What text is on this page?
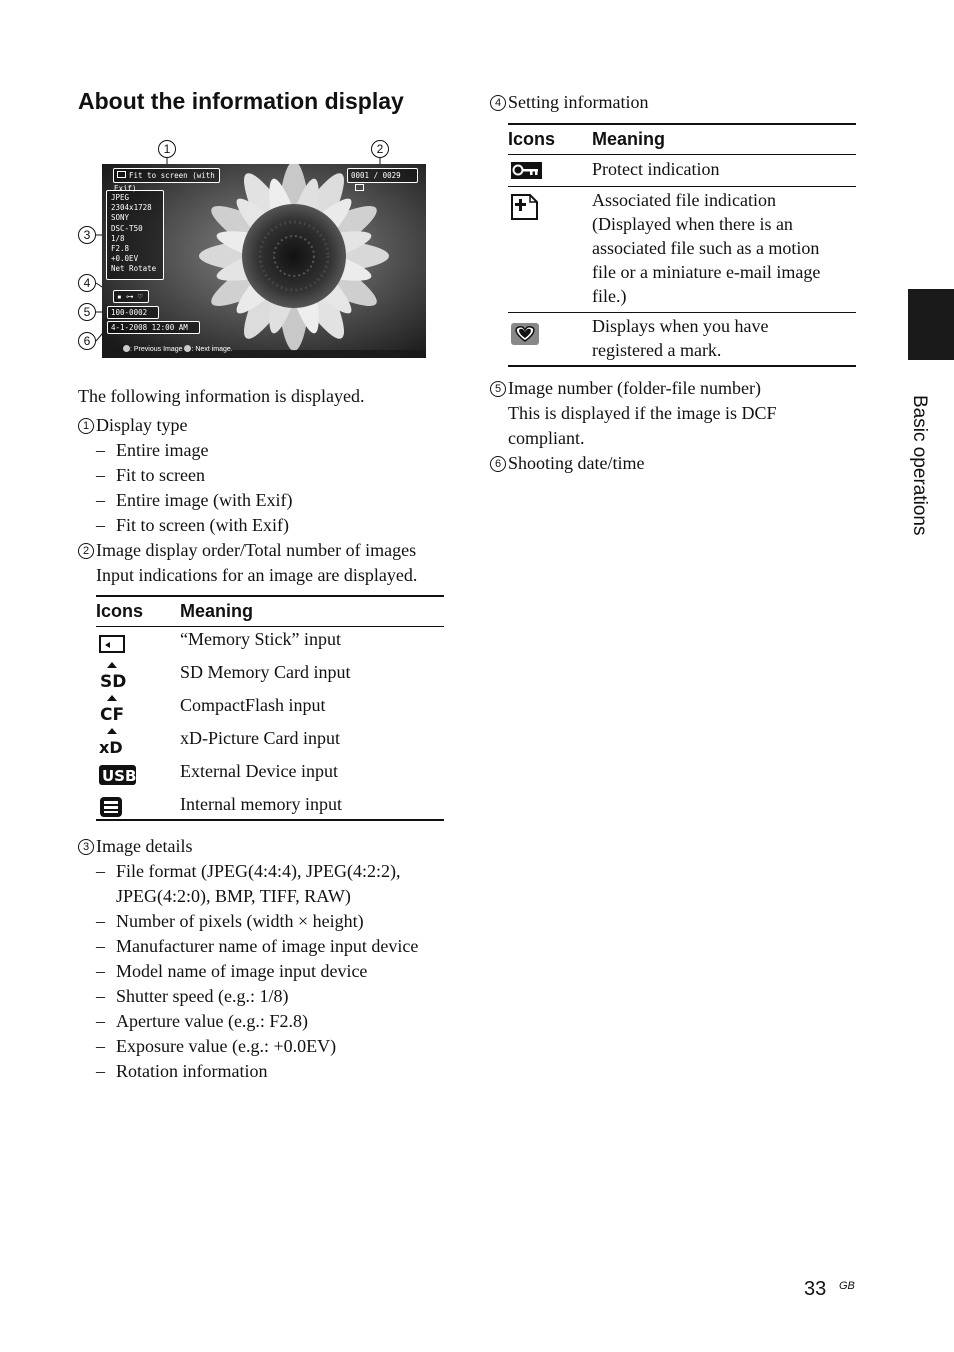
About the information display
1	2
3
4
5
6
Fit to screen (with Exif)
0001 / 0029
JPEG
2304x1728
SONY
DSC-T50
1/8
F2.8
+0.0EV
Net Rotate
▪ ⊶ ♡
100-0002
4-1-2008 12:00 AM
: Previous Image : Next image.
The following information is displayed.
1 Display type
– Entire image
– Fit to screen
– Entire image (with Exif)
– Fit to screen (with Exif)
2 Image display order/Total number of images
Input indications for an image are displayed.
Icons Meaning
“Memory Stick” input
SD	SD Memory Card input
CF	CompactFlash input
xD	xD-Picture Card input
USB External Device input
Internal memory input
3 Image details
– File format (JPEG(4:4:4), JPEG(4:2:2),
JPEG(4:2:0), BMP, TIFF, RAW)
– Number of pixels (width × height)
– Manufacturer name of image input device
– Model name of image input device
– Shutter speed (e.g.: 1/8)
– Aperture value (e.g.: F2.8)
– Exposure value (e.g.: +0.0EV)
– Rotation information
4 Setting information
Icons Meaning
Protect indication
Associated file indication
(Displayed when there is an
associated file such as a motion
file or a miniature e-mail image
file.)
Displays when you have
registered a mark.
5 Image number (folder-file number)
This is displayed if the image is DCF
compliant.
6 Shooting date/time	Basic operations
33 GB
